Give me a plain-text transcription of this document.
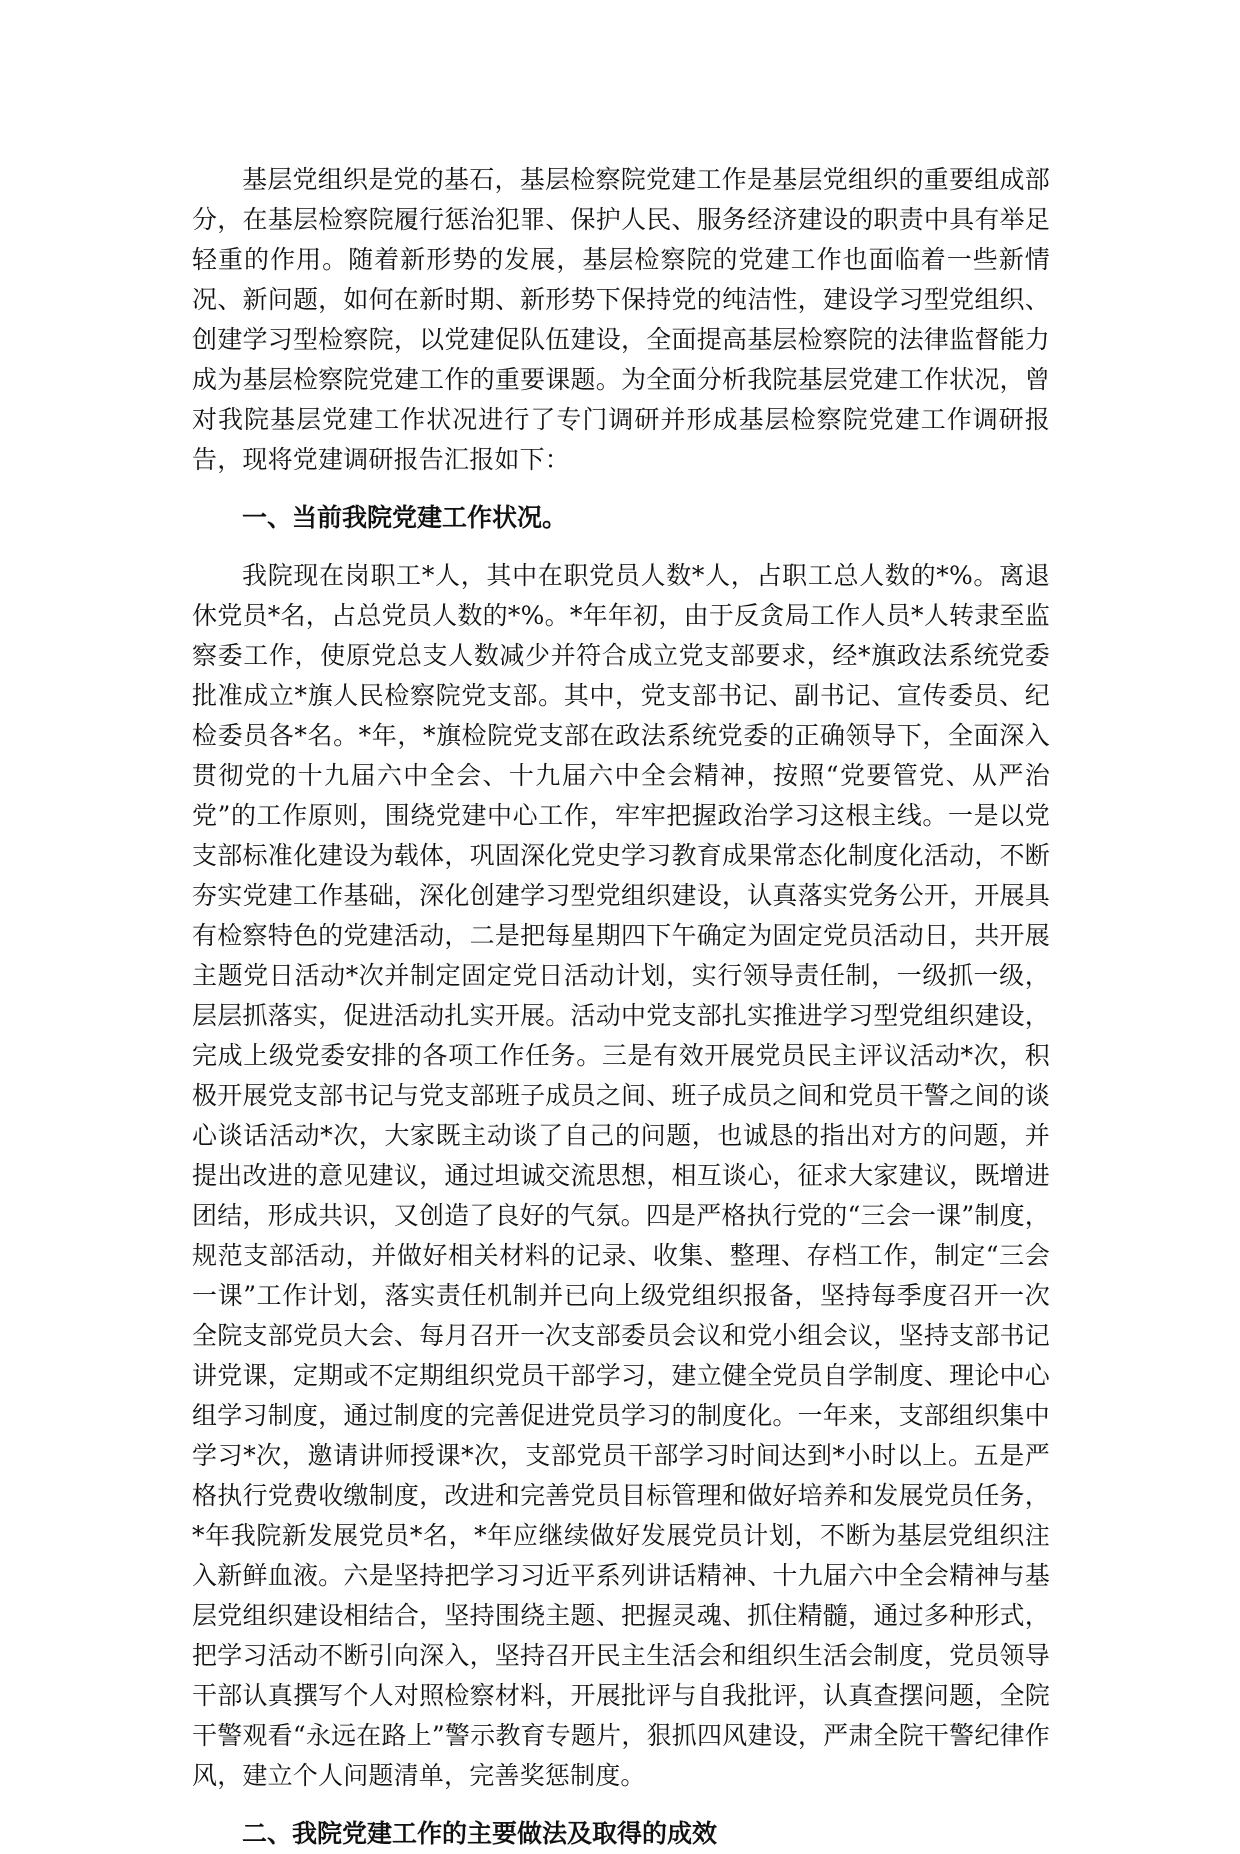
基层党组织是党的基石，基层检察院党建工作是基层党组织的重要组成部分，在基层检察院履行惩治犯罪、保护人民、服务经济建设的职责中具有举足轻重的作用。随着新形势的发展，基层检察院的党建工作也面临着一些新情况、新问题，如何在新时期、新形势下保持党的纯洁性，建设学习型党组织、创建学习型检察院，以党建促队伍建设，全面提高基层检察院的法律监督能力成为基层检察院党建工作的重要课题。为全面分析我院基层党建工作状况，曾对我院基层党建工作状况进行了专门调研并形成基层检察院党建工作调研报告，现将党建调研报告汇报如下：

一、当前我院党建工作状况。

我院现在岗职工*人，其中在职党员人数*人，占职工总人数的*%。离退休党员*名，占总党员人数的*%。*年年初，由于反贪局工作人员*人转隶至监察委工作，使原党总支人数减少并符合成立党支部要求，经*旗政法系统党委批准成立*旗人民检察院党支部。其中，党支部书记、副书记、宣传委员、纪检委员各*名。*年，*旗检院党支部在政法系统党委的正确领导下，全面深入贯彻党的十九届六中全会、十九届六中全会精神，按照“党要管党、从严治党”的工作原则，围绕党建中心工作，牢牢把握政治学习这根主线。一是以党支部标准化建设为载体，巩固深化党史学习教育成果常态化制度化活动，不断夯实党建工作基础，深化创建学习型党组织建设，认真落实党务公开，开展具有检察特色的党建活动，二是把每星期四下午确定为固定党员活动日，共开展主题党日活动*次并制定固定党日活动计划，实行领导责任制，一级抓一级，层层抓落实，促进活动扎实开展。活动中党支部扎实推进学习型党组织建设，完成上级党委安排的各项工作任务。三是有效开展党员民主评议活动*次，积极开展党支部书记与党支部班子成员之间、班子成员之间和党员干警之间的谈心谈话活动*次，大家既主动谈了自己的问题，也诚恳的指出对方的问题，并提出改进的意见建议，通过坦诚交流思想，相互谈心，征求大家建议，既增进团结，形成共识，又创造了良好的气氛。四是严格执行党的“三会一课”制度，规范支部活动，并做好相关材料的记录、收集、整理、存档工作，制定“三会一课”工作计划，落实责任机制并已向上级党组织报备，坚持每季度召开一次全院支部党员大会、每月召开一次支部委员会议和党小组会议，坚持支部书记讲党课，定期或不定期组织党员干部学习，建立健全党员自学制度、理论中心组学习制度，通过制度的完善促进党员学习的制度化。一年来，支部组织集中学习*次，邀请讲师授课*次，支部党员干部学习时间达到*小时以上。五是严格执行党费收缴制度，改进和完善党员目标管理和做好培养和发展党员任务，*年我院新发展党员*名，*年应继续做好发展党员计划，不断为基层党组织注入新鲜血液。六是坚持把学习习近平系列讲话精神、十九届六中全会精神与基层党组织建设相结合，坚持围绕主题、把握灵魂、抓住精髓，通过多种形式，把学习活动不断引向深入，坚持召开民主生活会和组织生活会制度，党员领导干部认真撰写个人对照检察材料，开展批评与自我批评，认真查摆问题，全院干警观看“永远在路上”警示教育专题片，狠抓四风建设，严肃全院干警纪律作风，建立个人问题清单，完善奖惩制度。

二、我院党建工作的主要做法及取得的成效
